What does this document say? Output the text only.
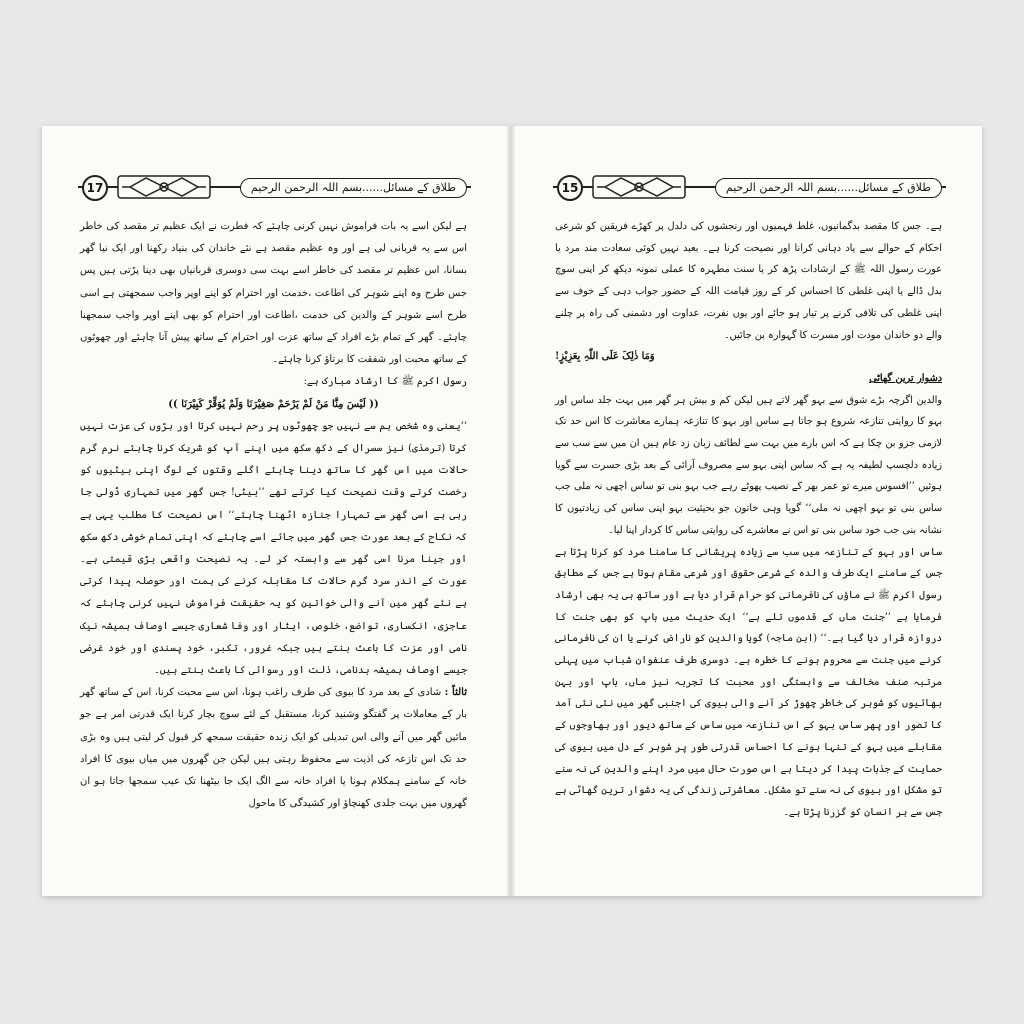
17	طلاق کے مسائل......بسم اللہ الرحمن الرحیم

ہے لیکن اسے یہ بات فراموش نہیں کرنی چاہئے کہ فطرت نے ایک عظیم تر مقصد کی خاطر اس سے یہ قربانی لی ہے اور وہ عظیم مقصد ہے نئے خاندان کی بنیاد رکھنا اور ایک نیا گھر بسانا، اس عظیم تر مقصد کی خاطر اسے بہت سی دوسری قربانیاں بھی دینا پڑتی ہیں پس جس طرح وہ اپنے شوہر کی اطاعت ،خدمت اور احترام کو اپنے اوپر واجب سمجھتی ہے اسی طرح اسے شوہر کے والدین کی خدمت ،اطاعت اور احترام کو بھی اپنے اوپر واجب سمجھنا چاہئے۔ گھر کے تمام بڑے افراد کے ساتھ عزت اور احترام کے ساتھ پیش آنا چاہئے اور چھوٹوں کے ساتھ محبت اور شفقت کا برتاؤ کرنا چاہئے۔

رسول اکرم ﷺ کا ارشاد مبارک ہے:

(( لَیْسَ مِنَّا مَنْ لَمْ یَرْحَمْ صَغِیْرَنَا وَلَمْ یُوَقِّرْ کَبِیْرَنَا ))

’’یعنی وہ شخص ہم سے نہیں جو چھوٹوں پر رحم نہیں کرتا اور بڑوں کی عزت نہیں کرتا (ترمذی) نیز سسرال کے دکھ سکھ میں اپنے آپ کو شریک کرنا چاہئے نرم گرم حالات میں اس گھر کا ساتھ دینا چاہئے اگلے وقتوں کے لوگ اپنی بیٹیوں کو رخصت کرتے وقت نصیحت کیا کرتے تھے ’’بیٹی! جس گھر میں تمہاری ڈولی جا رہی ہے اسی گھر سے تمہارا جنازہ اٹھنا چاہئے‘‘ اس نصیحت کا مطلب یہی ہے کہ نکاح کے بعد عورت جس گھر میں جائے اسے چاہئے کہ اپنی تمام خوشی دکھ سکھ اور جینا مرنا اسی گھر سے وابستہ کر لے۔ یہ نصیحت واقعی بڑی قیمتی ہے۔ عورت کے اندر سرد گرم حالات کا مقابلہ کرنے کی ہمت اور حوصلہ پیدا کرتی ہے نئے گھر میں آنے والی خواتین کو یہ حقیقت فراموش نہیں کرنی چاہئے کہ عاجزی، انکساری، تواضع، خلوص، ایثار اور وفا شعاری جیسے اوصاف ہمیشہ نیک نامی اور عزت کا باعث بنتے ہیں جبکہ غرور، تکبر، خود پسندی اور خود غرضی جیسے اوصاف ہمیشہ بدنامی، ذلت اور رسوائی کا باعث بنتے ہیں۔

ثالثاً : شادی کے بعد مرد کا بیوی کی طرف راغب ہونا، اس سے محبت کرنا، اس کے ساتھ گھر بار کے معاملات پر گفتگو وشنید کرنا، مستقبل کے لئے سوچ بچار کرنا ایک قدرتی امر ہے جو مائیں گھر میں آنے والی اس تبدیلی کو ایک زندہ حقیقت سمجھ کر قبول کر لیتی ہیں وہ بڑی حد تک اس تازعہ کی اذیت سے محفوظ رہتی ہیں لیکن جن گھروں میں میاں بیوی کا افراد خانہ کے سامنے ہمکلام ہونا یا افراد خانہ سے الگ ایک جا بیٹھنا تک عیب سمجھا جاتا ہو ان گھروں میں بہت جلدی کھنچاؤ اور کشیدگی کا ماحول

15	طلاق کے مسائل......بسم اللہ الرحمن الرحیم

ہے۔ جس کا مقصد بدگمانیوں، غلط فہمیوں اور رنجشوں کی دلدل پر کھڑے فریقین کو شرعی احکام کے حوالے سے یاد دہانی کرانا اور نصیحت کرنا ہے۔ بعید نہیں کوئی سعادت مند مرد یا عورت رسول اللہ ﷺ کے ارشادات پڑھ کر یا سنت مطہرہ کا عملی نمونہ دیکھ کر اپنی سوچ بدل ڈالے یا اپنی غلطی کا احساس کر کے روز قیامت اللہ کے حضور جواب دہی کے خوف سے اپنی غلطی کی تلافی کرنے پر تیار ہو جائے اور یوں نفرت، عداوت اور دشمنی کی راہ پر چلنے والے دو خاندان مودت اور مسرت کا گہوارہ بن جائیں۔

وَمَا ذٰلِکَ عَلَی اللّٰہِ بِعَزِیْزٍ!

دشوار ترین گھاٹی

والدین اگرچہ بڑے شوق سے بہو گھر لاتے ہیں لیکن کم و بیش ہر گھر میں بہت جلد ساس اور بہو کا روایتی تنازعہ شروع ہو جاتا ہے ساس اور بہو کا تنازعہ ہمارے معاشرت کا اس حد تک لازمی جزو بن چکا ہے کہ اس بارے میں بہت سے لطائف زبان زد عام ہیں ان میں سے سب سے زیادہ دلچسپ لطیفہ یہ ہے کہ ساس اپنی بہو سے مصروف آرائی کے بعد بڑی حسرت سے گویا ہوئیں ’’افسوس میرے تو عمر بھر کے نصیب پھوٹے رہے جب بہو بنی تو ساس اچھی نہ ملی جب ساس بنی تو بہو اچھی نہ ملی‘‘ گویا وہی خاتون جو بحیثیت بہو اپنی ساس کی زیادتیوں کا نشانہ بنی جب خود ساس بنی تو اس نے معاشرے کی روایتی ساس کا کردار اپنا لیا۔

ساس اور بہو کے تنازعہ میں سب سے زیادہ پریشانی کا سامنا مرد کو کرنا پڑتا ہے جس کے سامنے ایک طرف والدہ کے شرعی حقوق اور شرعی مقام ہوتا ہے جس کے مطابق رسول اکرم ﷺ نے ماؤں کی نافرمانی کو حرام قرار دیا ہے اور ساتھ ہی یہ بھی ارشاد فرمایا ہے ’’جنت ماں کے قدموں تلے ہے‘‘ ایک حدیث میں باپ کو بھی جنت کا دروازہ قرار دیا گیا ہے۔‘‘ (ابن ماجہ) گویا والدین کو ناراض کرنے یا ان کی نافرمانی کرنے میں جنت سے محروم ہونے کا خطرہ ہے۔ دوسری طرف عنفوان شباب میں پہلی مرتبہ صنف مخالف سے وابستگی اور محبت کا تجربہ نیز ماں، باپ اور بہن بھائیوں کو شوہر کی خاطر چھوڑ کر آنے والی بیوی کی اجنبی گھر میں نئی نئی آمد کا تصور اور پھر ساس بہو کے اس تنازعہ میں ساس کے ساتھ دیور اور بھاوجوں کے مقابلے میں بہو کے تنہا ہونے کا احساس قدرتی طور پر شوہر کے دل میں بیوی کی حمایت کے جذبات پیدا کر دیتا ہے اس صورت حال میں مرد اپنے والدین کی نہ سنے تو مشکل اور بیوی کی نہ سنے تو مشکل۔ معاشرتی زندگی کی یہ دشوار ترین گھاٹی ہے جس سے ہر انسان کو گزرنا پڑتا ہے۔
